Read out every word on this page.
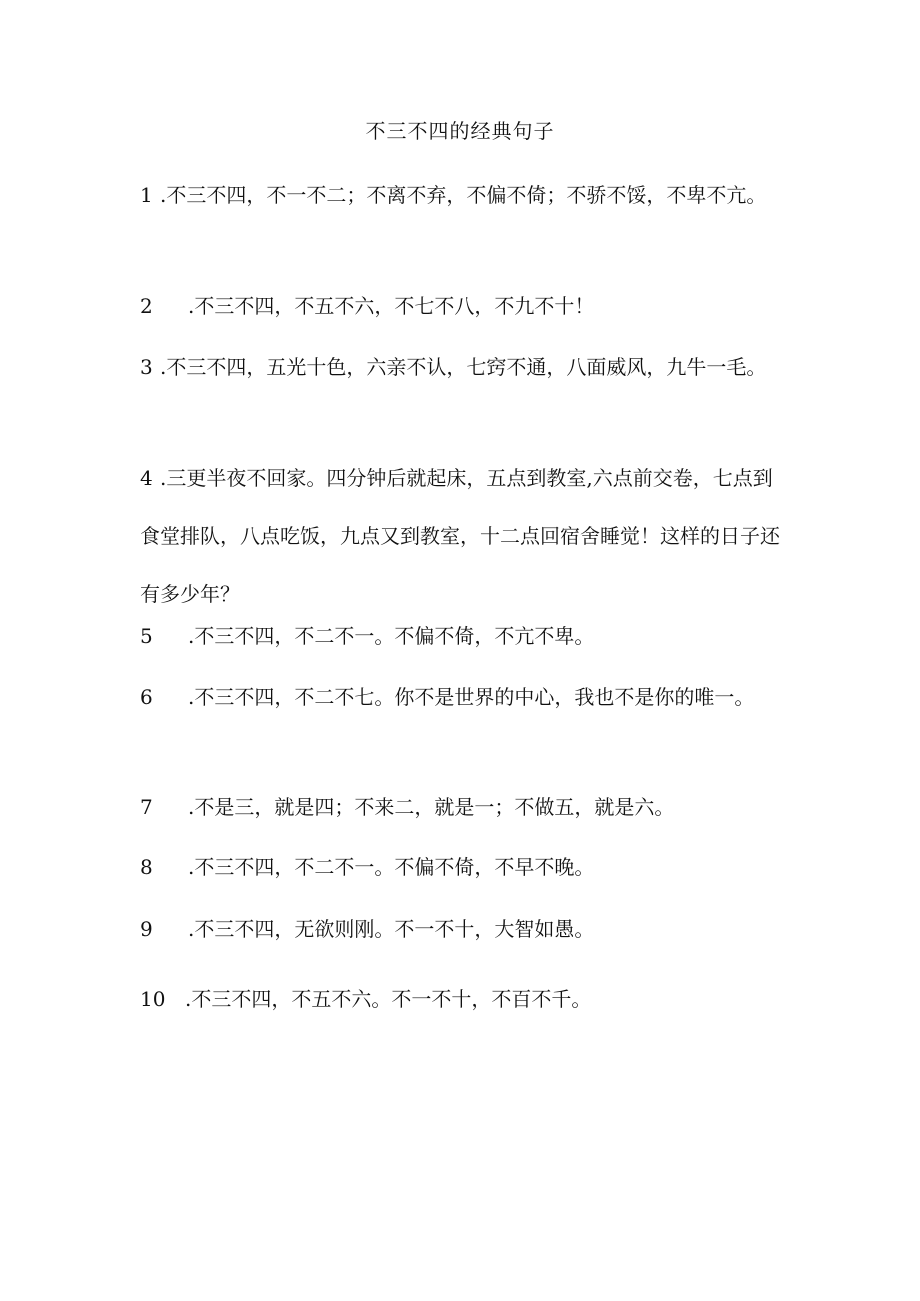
不三不四的经典句子

1 .不三不四，不一不二；不离不弃，不偏不倚；不骄不馁，不卑不亢。

2 .不三不四，不五不六，不七不八，不九不十！

3 .不三不四，五光十色，六亲不认，七窍不通，八面威风，九牛一毛。

4 .三更半夜不回家。四分钟后就起床，五点到教室,六点前交卷，七点到食堂排队，八点吃饭，九点又到教室，十二点回宿舍睡觉！这样的日子还有多少年？

5 .不三不四，不二不一。不偏不倚，不亢不卑。

6 .不三不四，不二不七。你不是世界的中心，我也不是你的唯一。

7 .不是三，就是四；不来二，就是一；不做五，就是六。

8 .不三不四，不二不一。不偏不倚，不早不晚。

9 .不三不四，无欲则刚。不一不十，大智如愚。

10 .不三不四，不五不六。不一不十，不百不千。
